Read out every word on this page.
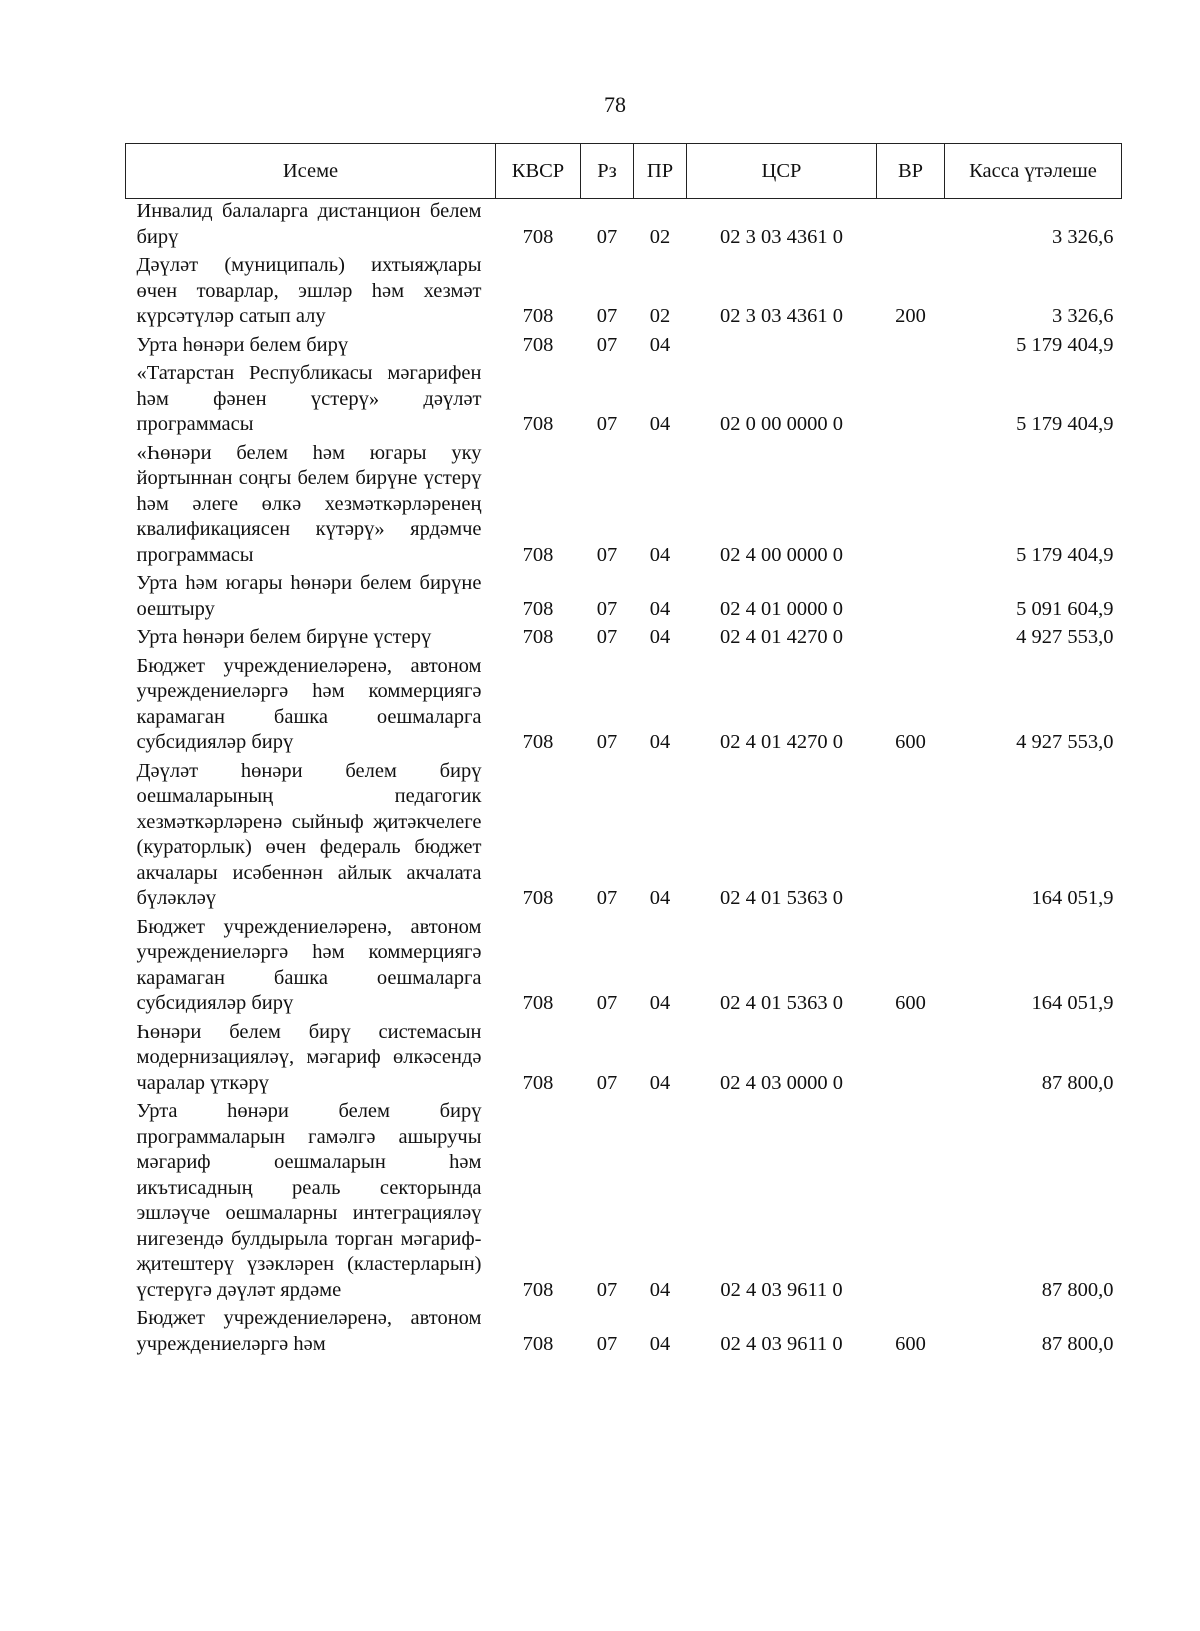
78
Исеме	КВСР	Рз	ПР	ЦСР	ВР	Касса үтәлеше
Инвалид балаларга дистанцион белем бирү	708	07	02	02 3 03 4361 0		3 326,6
Дәүләт (муниципаль) ихтыяҗлары өчен товарлар, эшләр һәм хезмәт күрсәтүләр сатып алу	708	07	02	02 3 03 4361 0	200	3 326,6
Урта һөнәри белем бирү	708	07	04			5 179 404,9
«Татарстан Республикасы мәгарифен һәм фәнен үстерү» дәүләт программасы	708	07	04	02 0 00 0000 0		5 179 404,9
«Һөнәри белем һәм югары уку йортыннан соңгы белем бирүне үстерү һәм әлеге өлкә хезмәткәрләренең квалификациясен күтәрү» ярдәмче программасы	708	07	04	02 4 00 0000 0		5 179 404,9
Урта һәм югары һөнәри белем бирүне оештыру	708	07	04	02 4 01 0000 0		5 091 604,9
Урта һөнәри белем бирүне үстерү	708	07	04	02 4 01 4270 0		4 927 553,0
Бюджет учреждениеләренә, автоном учреждениеләргә һәм коммерциягә карамаган башка оешмаларга субсидияләр бирү	708	07	04	02 4 01 4270 0	600	4 927 553,0
Дәүләт һөнәри белем бирү оешмаларының педагогик хезмәткәрләренә сыйныф җитәкчелеге (кураторлык) өчен федераль бюджет акчалары исәбеннән айлык акчалата бүләкләү	708	07	04	02 4 01 5363 0		164 051,9
Бюджет учреждениеләренә, автоном учреждениеләргә һәм коммерциягә карамаган башка оешмаларга субсидияләр бирү	708	07	04	02 4 01 5363 0	600	164 051,9
Һөнәри белем бирү системасын модернизацияләү, мәгариф өлкәсендә чаралар үткәрү	708	07	04	02 4 03 0000 0		87 800,0
Урта һөнәри белем бирү программаларын гамәлгә ашыручы мәгариф оешмаларын һәм икътисадның реаль секторында эшләүче оешмаларны интеграцияләү нигезендә булдырыла торган мәгариф-җитештерү үзәкләрен (кластерларын) үстерүгә дәүләт ярдәме	708	07	04	02 4 03 9611 0		87 800,0
Бюджет учреждениеләренә, автоном учреждениеләргә һәм	708	07	04	02 4 03 9611 0	600	87 800,0
